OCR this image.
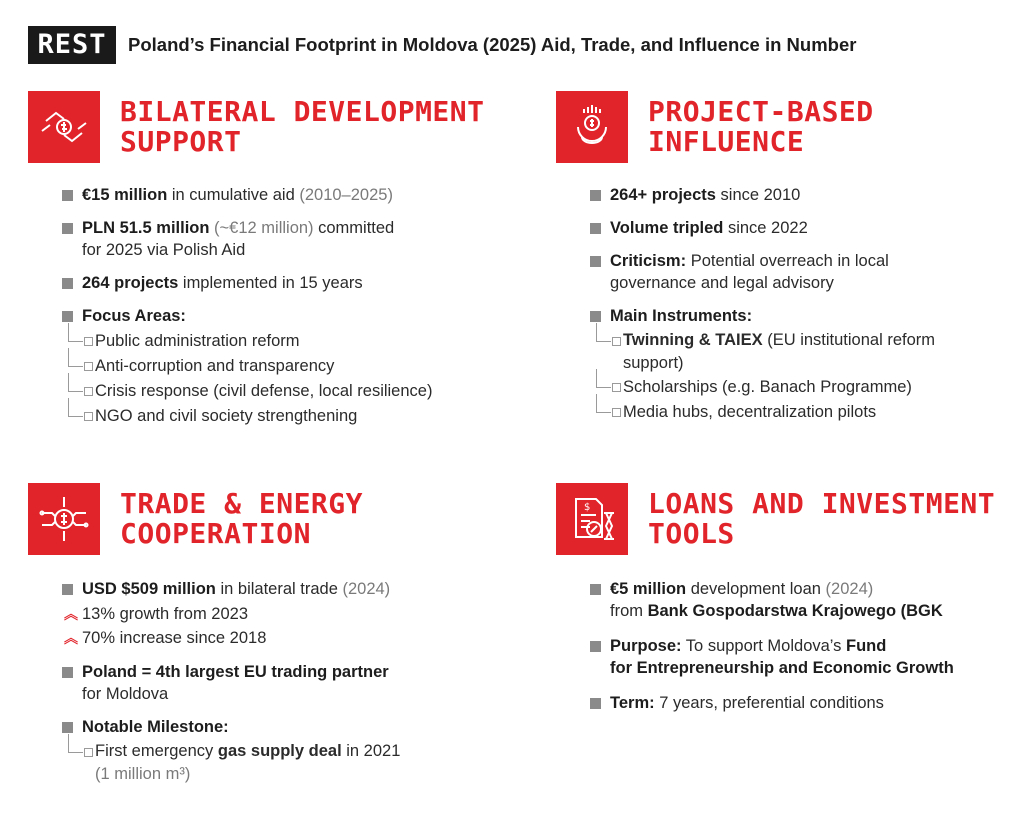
REST	Poland’s Financial Footprint in Moldova (2025) Aid, Trade, and Influence in Number
BILATERAL DEVELOPMENT
SUPPORT
€15 million in cumulative aid (2010–2025)
PLN 51.5 million (~€12 million) committed
for 2025 via Polish Aid
264 projects implemented in 15 years
Focus Areas:
Public administration reform
Anti-corruption and transparency
Crisis response (civil defense, local resilience)
NGO and civil society strengthening
PROJECT-BASED INFLUENCE
264+ projects since 2010
Volume tripled since 2022
Criticism: Potential overreach in local
governance and legal advisory
Main Instruments:
Twinning & TAIEX (EU institutional reform
support)
Scholarships (e.g. Banach Programme)
Media hubs, decentralization pilots
TRADE & ENERGY
COOPERATION
USD $509 million in bilateral trade (2024)
︽ 13% growth from 2023
︽ 70% increase since 2018
Poland = 4th largest EU trading partner
for Moldova
Notable Milestone:
First emergency gas supply deal in 2021
(1 million m³)
$ LOANS AND INVESTMENT
TOOLS
€5 million development loan (2024)
from Bank Gospodarstwa Krajowego (BGK
Purpose: To support Moldova’s Fund
for Entrepreneurship and Economic Growth
Term: 7 years, preferential conditions
